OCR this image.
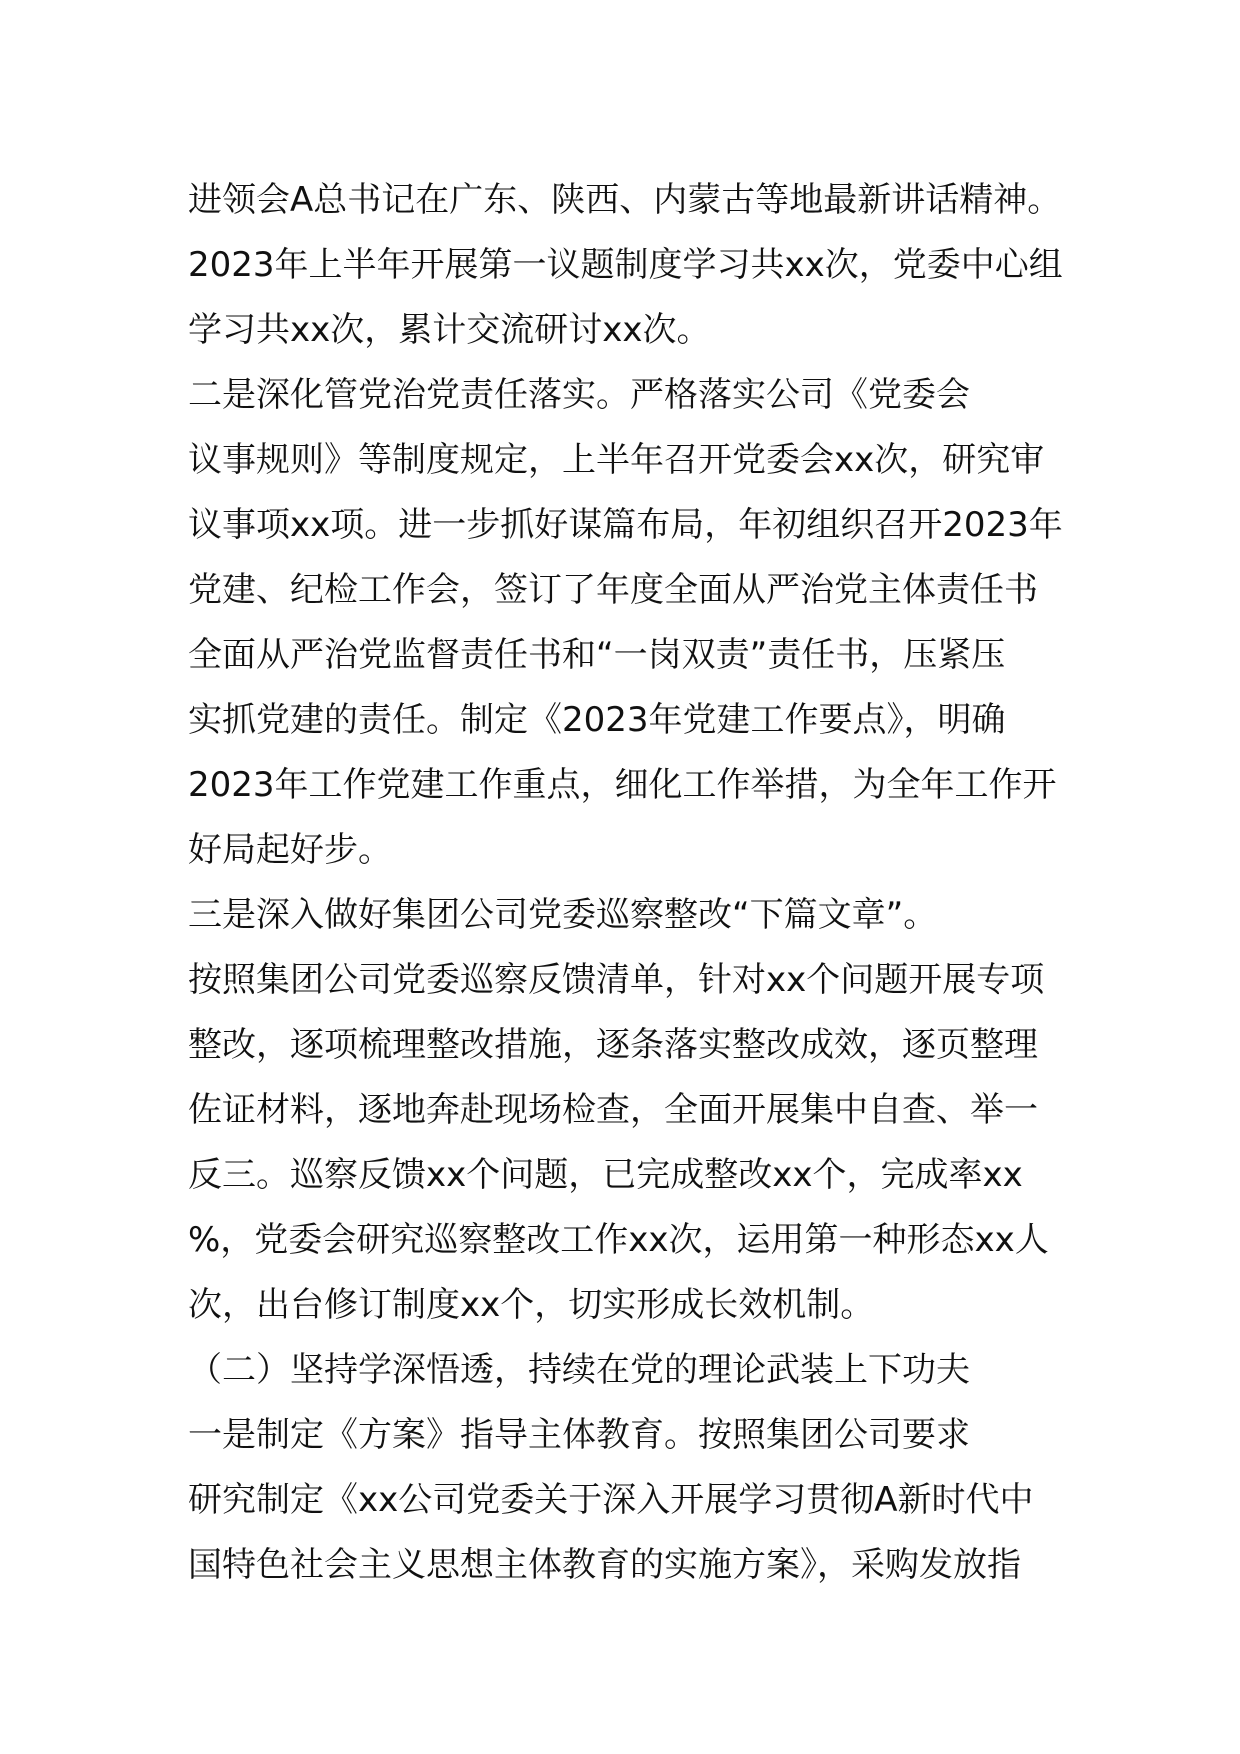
进领会A总书记在广东、陕西、内蒙古等地最新讲话精神。
2023年上半年开展第一议题制度学习共xx次，党委中心组
学习共xx次，累计交流研讨xx次。
二是深化管党治党责任落实。严格落实公司《党委会
议事规则》等制度规定，上半年召开党委会xx次，研究审
议事项xx项。进一步抓好谋篇布局，年初组织召开2023年
党建、纪检工作会，签订了年度全面从严治党主体责任书
全面从严治党监督责任书和“一岗双责”责任书，压紧压
实抓党建的责任。制定《2023年党建工作要点》，明确
2023年工作党建工作重点，细化工作举措，为全年工作开
好局起好步。
三是深入做好集团公司党委巡察整改“下篇文章”。
按照集团公司党委巡察反馈清单，针对xx个问题开展专项
整改，逐项梳理整改措施，逐条落实整改成效，逐页整理
佐证材料，逐地奔赴现场检查，全面开展集中自查、举一
反三。巡察反馈xx个问题，已完成整改xx个，完成率xx
%，党委会研究巡察整改工作xx次，运用第一种形态xx人
次，出台修订制度xx个，切实形成长效机制。
（二）坚持学深悟透，持续在党的理论武装上下功夫
一是制定《方案》指导主体教育。按照集团公司要求
研究制定《xx公司党委关于深入开展学习贯彻A新时代中
国特色社会主义思想主体教育的实施方案》，采购发放指
